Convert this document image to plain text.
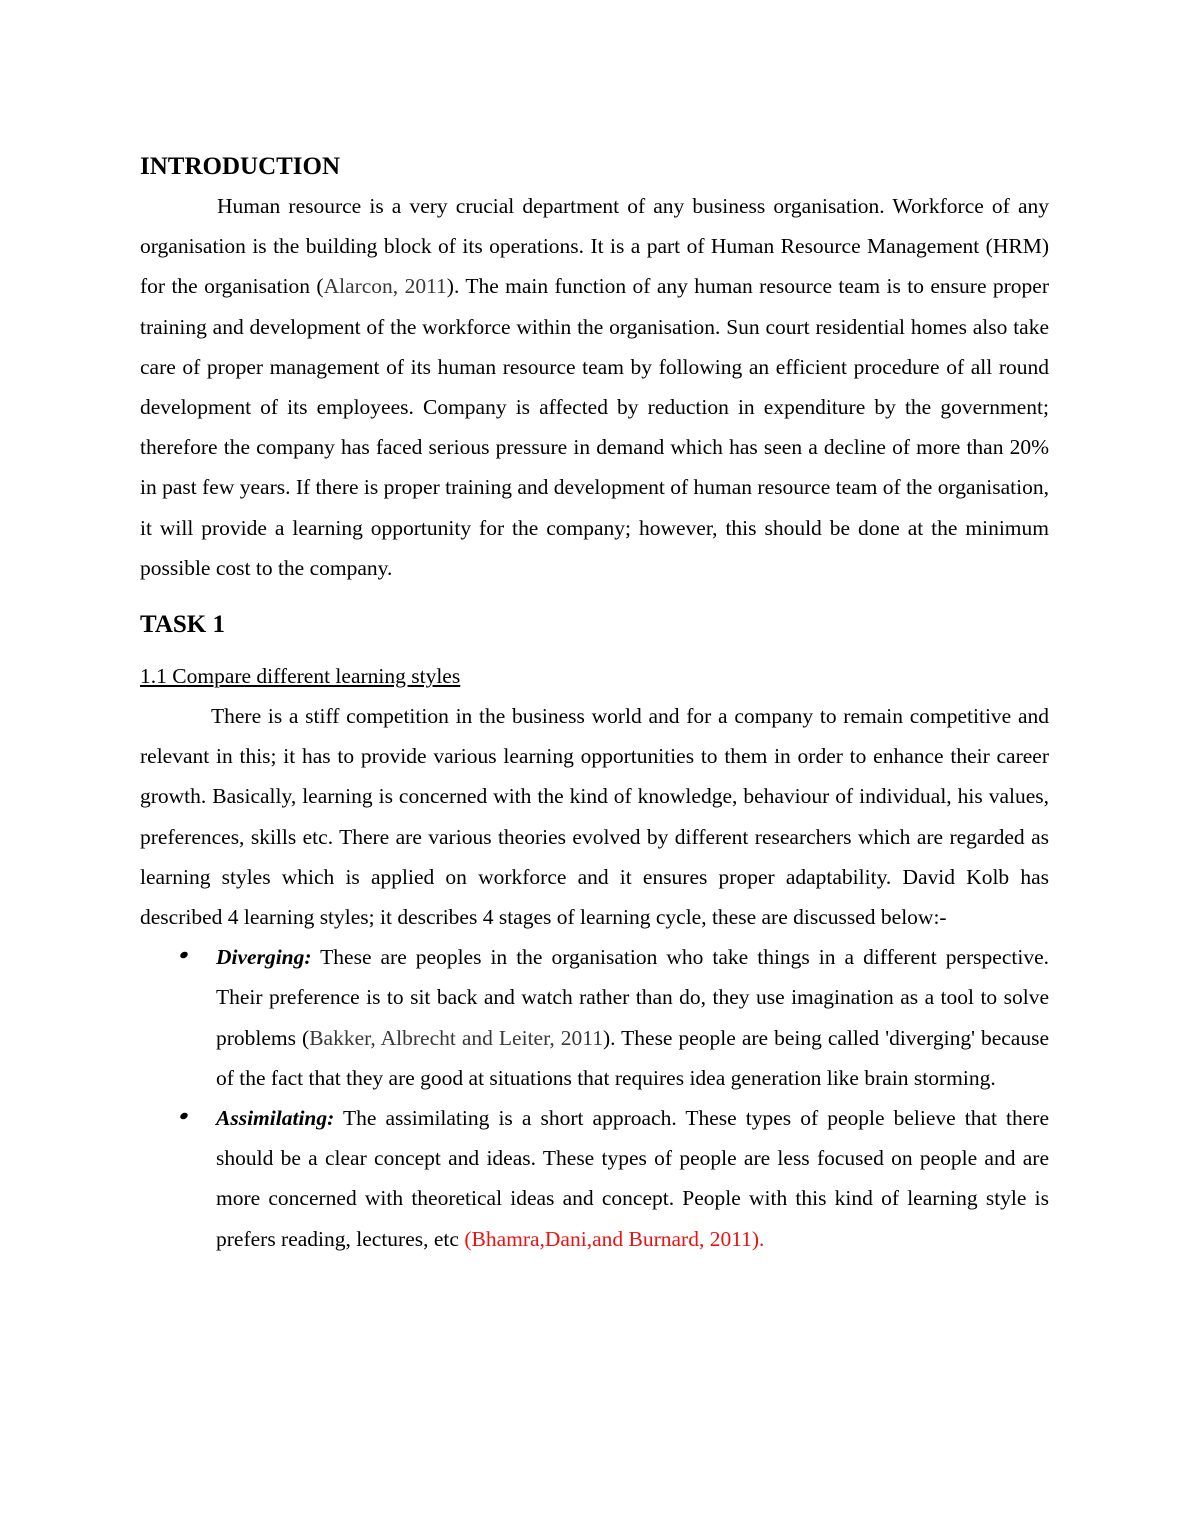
INTRODUCTION

Human resource is a very crucial department of any business organisation. Workforce of any organisation is the building block of its operations. It is a part of Human Resource Management (HRM) for the organisation (Alarcon, 2011). The main function of any human resource team is to ensure proper training and development of the workforce within the organisation. Sun court residential homes also take care of proper management of its human resource team by following an efficient procedure of all round development of its employees. Company is affected by reduction in expenditure by the government; therefore the company has faced serious pressure in demand which has seen a decline of more than 20% in past few years. If there is proper training and development of human resource team of the organisation, it will provide a learning opportunity for the company; however, this should be done at the minimum possible cost to the company.

TASK 1
1.1 Compare different learning styles

There is a stiff competition in the business world and for a company to remain competitive and relevant in this; it has to provide various learning opportunities to them in order to enhance their career growth. Basically, learning is concerned with the kind of knowledge, behaviour of individual, his values, preferences, skills etc. There are various theories evolved by different researchers which are regarded as learning styles which is applied on workforce and it ensures proper adaptability. David Kolb has described 4 learning styles; it describes 4 stages of learning cycle, these are discussed below:-

Diverging: These are peoples in the organisation who take things in a different perspective. Their preference is to sit back and watch rather than do, they use imagination as a tool to solve problems (Bakker, Albrecht and Leiter, 2011). These people are being called 'diverging' because of the fact that they are good at situations that requires idea generation like brain storming.
Assimilating: The assimilating is a short approach. These types of people believe that there should be a clear concept and ideas. These types of people are less focused on people and are more concerned with theoretical ideas and concept. People with this kind of learning style is prefers reading, lectures, etc (Bhamra,Dani,and Burnard, 2011).
